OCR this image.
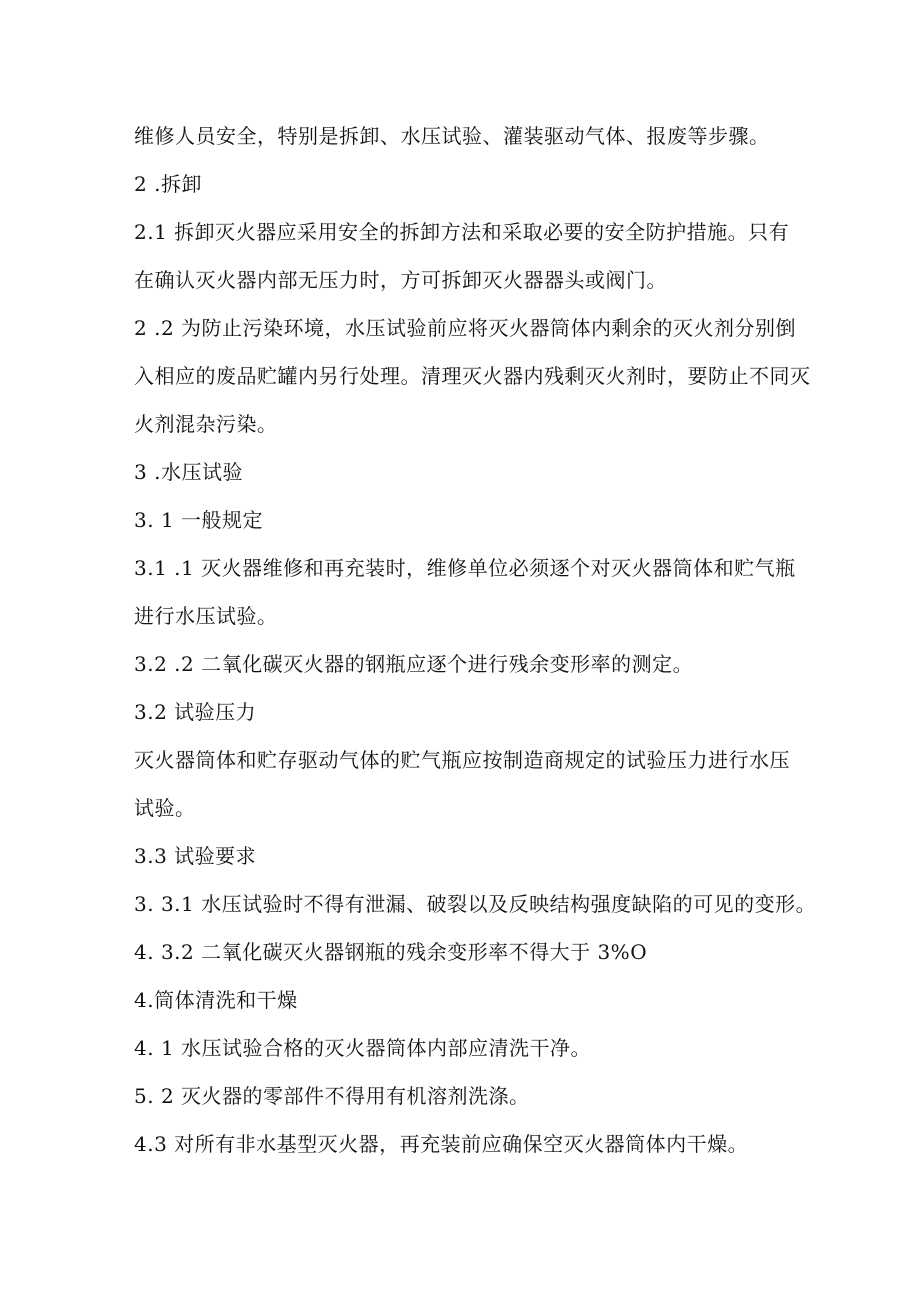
维修人员安全，特别是拆卸、水压试验、灌装驱动气体、报废等步骤。
2 .拆卸
2.1 拆卸灭火器应采用安全的拆卸方法和采取必要的安全防护措施。只有
在确认灭火器内部无压力时，方可拆卸灭火器器头或阀门。
2 .2 为防止污染环境，水压试验前应将灭火器筒体内剩余的灭火剂分别倒
入相应的废品贮罐内另行处理。清理灭火器内残剩灭火剂时，要防止不同灭
火剂混杂污染。
3 .水压试验
3. 1 一般规定
3.1 .1 灭火器维修和再充装时，维修单位必须逐个对灭火器筒体和贮气瓶
进行水压试验。
3.2 .2 二氧化碳灭火器的钢瓶应逐个进行残余变形率的测定。
3.2 试验压力
灭火器筒体和贮存驱动气体的贮气瓶应按制造商规定的试验压力进行水压
试验。
3.3 试验要求
3. 3.1 水压试验时不得有泄漏、破裂以及反映结构强度缺陷的可见的变形。
4. 3.2 二氧化碳灭火器钢瓶的残余变形率不得大于 3%O
4.筒体清洗和干燥
4. 1 水压试验合格的灭火器筒体内部应清洗干净。
5. 2 灭火器的零部件不得用有机溶剂洗涤。
4.3 对所有非水基型灭火器，再充装前应确保空灭火器筒体内干燥。
